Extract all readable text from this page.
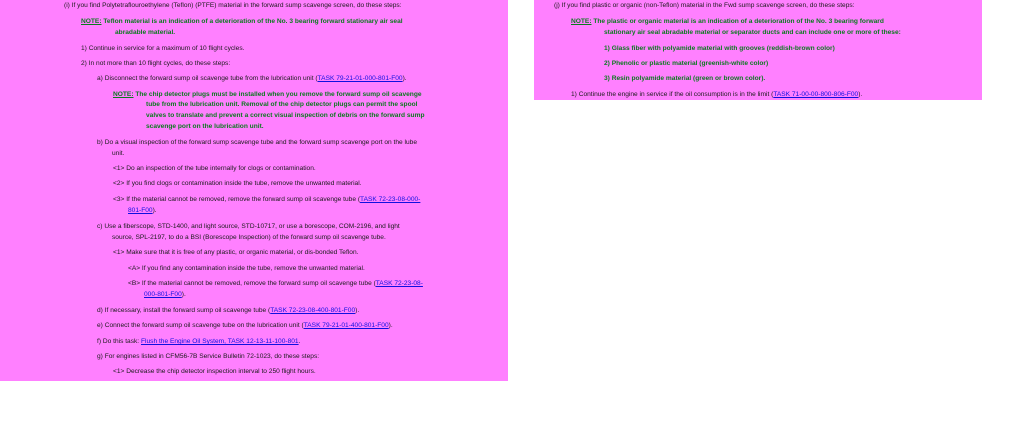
(i) If you find Polytetraflouroethylene (Teflon) (PTFE) material in the forward sump scavenge screen, do these steps:
NOTE: Teflon material is an indication of a deterioration of the No. 3 bearing forward stationary air seal
abradable material.
1) Continue in service for a maximum of 10 flight cycles.
2) In not more than 10 flight cycles, do these steps:
a) Disconnect the forward sump oil scavenge tube from the lubrication unit (TASK 79-21-01-000-801-F00).
NOTE: The chip detector plugs must be installed when you remove the forward sump oil scavenge
tube from the lubrication unit. Removal of the chip detector plugs can permit the spool
valves to translate and prevent a correct visual inspection of debris on the forward sump
scavenge port on the lubrication unit.
b) Do a visual inspection of the forward sump scavenge tube and the forward sump scavenge port on the lube
unit.
<1> Do an inspection of the tube internally for clogs or contamination.
<2> If you find clogs or contamination inside the tube, remove the unwanted material.
<3> If the material cannot be removed, remove the forward sump oil scavenge tube (TASK 72-23-08-000-
801-F00).
c) Use a fiberscope, STD-1400, and light source, STD-10717, or use a borescope, COM-2196, and light
source, SPL-2197, to do a BSI (Borescope Inspection) of the forward sump oil scavenge tube.
<1> Make sure that it is free of any plastic, or organic material, or dis-bonded Teflon.
<A> If you find any contamination inside the tube, remove the unwanted material.
<B> If the material cannot be removed, remove the forward sump oil scavenge tube (TASK 72-23-08-
000-801-F00).
d) If necessary, install the forward sump oil scavenge tube (TASK 72-23-08-400-801-F00).
e) Connect the forward sump oil scavenge tube on the lubrication unit (TASK 79-21-01-400-801-F00).
f) Do this task: Flush the Engine Oil System, TASK 12-13-11-100-801.
g) For engines listed in CFM56-7B Service Bulletin 72-1023, do these steps:
<1> Decrease the chip detector inspection interval to 250 flight hours.
(j) If you find plastic or organic (non-Teflon) material in the Fwd sump scavenge screen, do these steps:
NOTE: The plastic or organic material is an indication of a deterioration of the No. 3 bearing forward
stationary air seal abradable material or separator ducts and can include one or more of these:
1) Glass fiber with polyamide material with grooves (reddish-brown color)
2) Phenolic or plastic material (greenish-white color)
3) Resin polyamide material (green or brown color).
1) Continue the engine in service if the oil consumption is in the limit (TASK 71-00-00-800-806-F00).
